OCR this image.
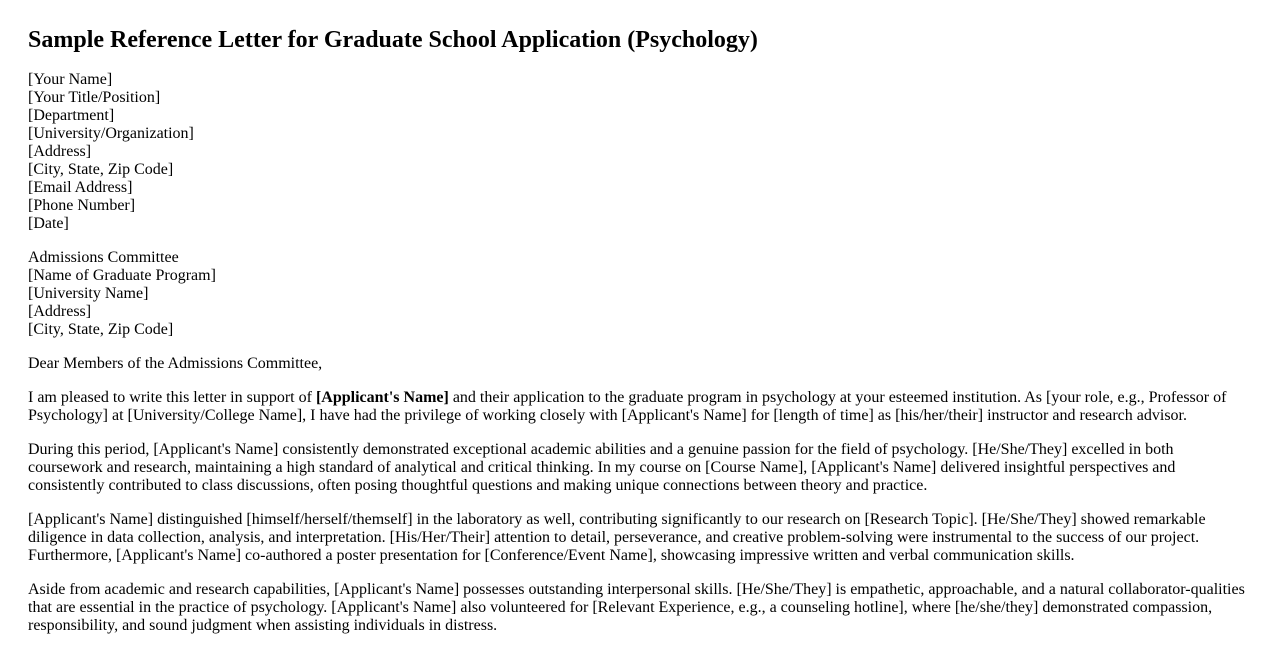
Sample Reference Letter for Graduate School Application (Psychology)

[Your Name]
[Your Title/Position]
[Department]
[University/Organization]
[Address]
[City, State, Zip Code]
[Email Address]
[Phone Number]
[Date]

Admissions Committee
[Name of Graduate Program]
[University Name]
[Address]
[City, State, Zip Code]

Dear Members of the Admissions Committee,

I am pleased to write this letter in support of [Applicant's Name] and their application to the graduate program in psychology at your esteemed institution. As [your role, e.g., Professor of Psychology] at [University/College Name], I have had the privilege of working closely with [Applicant's Name] for [length of time] as [his/her/their] instructor and research advisor.

During this period, [Applicant's Name] consistently demonstrated exceptional academic abilities and a genuine passion for the field of psychology. [He/She/They] excelled in both coursework and research, maintaining a high standard of analytical and critical thinking. In my course on [Course Name], [Applicant's Name] delivered insightful perspectives and consistently contributed to class discussions, often posing thoughtful questions and making unique connections between theory and practice.

[Applicant's Name] distinguished [himself/herself/themself] in the laboratory as well, contributing significantly to our research on [Research Topic]. [He/She/They] showed remarkable diligence in data collection, analysis, and interpretation. [His/Her/Their] attention to detail, perseverance, and creative problem-solving were instrumental to the success of our project. Furthermore, [Applicant's Name] co-authored a poster presentation for [Conference/Event Name], showcasing impressive written and verbal communication skills.

Aside from academic and research capabilities, [Applicant's Name] possesses outstanding interpersonal skills. [He/She/They] is empathetic, approachable, and a natural collaborator-qualities that are essential in the practice of psychology. [Applicant's Name] also volunteered for [Relevant Experience, e.g., a counseling hotline], where [he/she/they] demonstrated compassion, responsibility, and sound judgment when assisting individuals in distress.
